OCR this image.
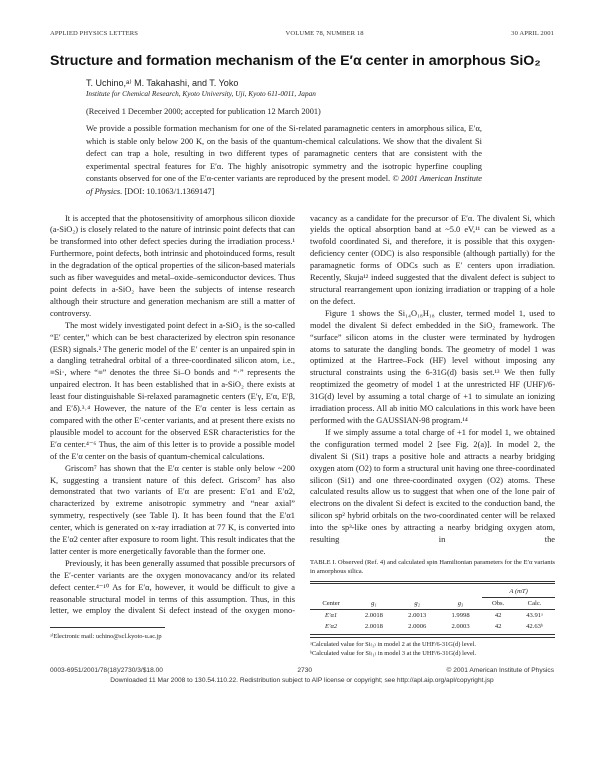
APPLIED PHYSICS LETTERS	VOLUME 78, NUMBER 18	30 APRIL 2001
Structure and formation mechanism of the E′α center in amorphous SiO₂
T. Uchino,ᵃ⁾ M. Takahashi, and T. Yoko
Institute for Chemical Research, Kyoto University, Uji, Kyoto 611-0011, Japan
(Received 1 December 2000; accepted for publication 12 March 2001)
We provide a possible formation mechanism for one of the Si-related paramagnetic centers in amorphous silica, E′α, which is stable only below 200 K, on the basis of the quantum-chemical calculations. We show that the divalent Si defect can trap a hole, resulting in two different types of paramagnetic centers that are consistent with the experimental spectral features for E′α. The highly anisotropic symmetry and the isotropic hyperfine coupling constants observed for one of the E′α-center variants are reproduced by the present model. © 2001 American Institute of Physics. [DOI: 10.1063/1.1369147]

It is accepted that the photosensitivity of amorphous silicon dioxide (a-SiO₂) is closely related to the nature of intrinsic point defects that can be transformed into other defect species during the irradiation process.¹ Furthermore, point defects, both intrinsic and photoinduced forms, result in the degradation of the optical properties of the silicon-based materials such as fiber waveguides and metal–oxide–semiconductor devices. Thus point defects in a-SiO₂ have been the subjects of intense research although their structure and generation mechanism are still a matter of controversy.

The most widely investigated point defect in a-SiO₂ is the so-called “E′ center,” which can be best characterized by electron spin resonance (ESR) signals.² The generic model of the E′ center is an unpaired spin in a dangling tetrahedral orbital of a three-coordinated silicon atom, i.e., ≡Si·, where “≡” denotes the three Si–O bonds and “·” represents the unpaired electron. It has been established that in a-SiO₂ there exists at least four distinguishable Si-relaxed paramagnetic centers (E′γ, E′α, E′β, and E′δ).³˒⁴ However, the nature of the E′α center is less certain as compared with the other E′-center variants, and at present there exists no plausible model to account for the observed ESR characteristics for the E′α center.⁴⁻⁶ Thus, the aim of this letter is to provide a possible model of the E′α center on the basis of quantum-chemical calculations.

Griscom⁷ has shown that the E′α center is stable only below ~200 K, suggesting a transient nature of this defect. Griscom⁷ has also demonstrated that two variants of E′α are present: E′α1 and E′α2, characterized by extreme anisotropic symmetry and “near axial” symmetry, respectively (see Table I). It has been found that the E′α1 center, which is generated on x-ray irradiation at 77 K, is converted into the E′α2 center after exposure to room light. This result indicates that the latter center is more energetically favorable than the former one.

Previously, it has been generally assumed that possible precursors of the E′-center variants are the oxygen monovacancy and/or its related defect center.⁴⁻¹⁰ As for E′α, however, it would be difficult to give a reasonable structural model in terms of this assumption. Thus, in this letter, we employ the divalent Si defect instead of the oxygen mono-

ᵃ⁾Electronic mail: uchino@scl.kyoto-u.ac.jp

vacancy as a candidate for the precursor of E′α. The divalent Si, which yields the optical absorption band at ~5.0 eV,¹¹ can be viewed as a twofold coordinated Si, and therefore, it is possible that this oxygen-deficiency center (ODC) is also responsible (although partially) for the paramagnetic forms of ODCs such as E′ centers upon irradiation. Recently, Skuja¹² indeed suggested that the divalent defect is subject to structural rearrangement upon ionizing irradiation or trapping of a hole on the defect.

Figure 1 shows the Si₁₄O₁₈H₁₈ cluster, termed model 1, used to model the divalent Si defect embedded in the SiO₂ framework. The “surface” silicon atoms in the cluster were terminated by hydrogen atoms to saturate the dangling bonds. The geometry of model 1 was optimized at the Hartree–Fock (HF) level without imposing any structural constraints using the 6-31G(d) basis set.¹³ We then fully reoptimized the geometry of model 1 at the unrestricted HF (UHF)/6-31G(d) level by assuming a total charge of +1 to simulate an ionizing irradiation process. All ab initio MO calculations in this work have been performed with the GAUSSIAN-98 program.¹⁴

If we simply assume a total charge of +1 for model 1, we obtained the configuration termed model 2 [see Fig. 2(a)]. In model 2, the divalent Si (Si1) traps a positive hole and attracts a nearby bridging oxygen atom (O2) to form a structural unit having one three-coordinated silicon (Si1) and one three-coordinated oxygen (O2) atoms. These calculated results allow us to suggest that when one of the lone pair of electrons on the divalent Si defect is excited to the conduction band, the silicon sp² hybrid orbitals on the two-coordinated center will be relaxed into the sp³-like ones by attracting a nearby bridging oxygen atom, resulting in the

TABLE I. Observed (Ref. 4) and calculated spin Hamiltonian parameters for the E′α variants in amorphous silica.
				A (mT)	
Center	g₁	g₂	g₃	Obs.	Calc.
E′α1	2.0018	2.0013	1.9998	42	43.91ᵃ
E′α2	2.0018	2.0006	2.0003	42	42.63ᵇ
ᵃCalculated value for Si₍₁₎ in model 2 at the UHF/6-31G(d) level.
ᵇCalculated value for Si₍₁₎ in model 3 at the UHF/6-31G(d) level.
0003-6951/2001/78(18)/2730/3/$18.00	2730	© 2001 American Institute of Physics
Downloaded 11 Mar 2008 to 130.54.110.22. Redistribution subject to AIP license or copyright; see http://apl.aip.org/apl/copyright.jsp
